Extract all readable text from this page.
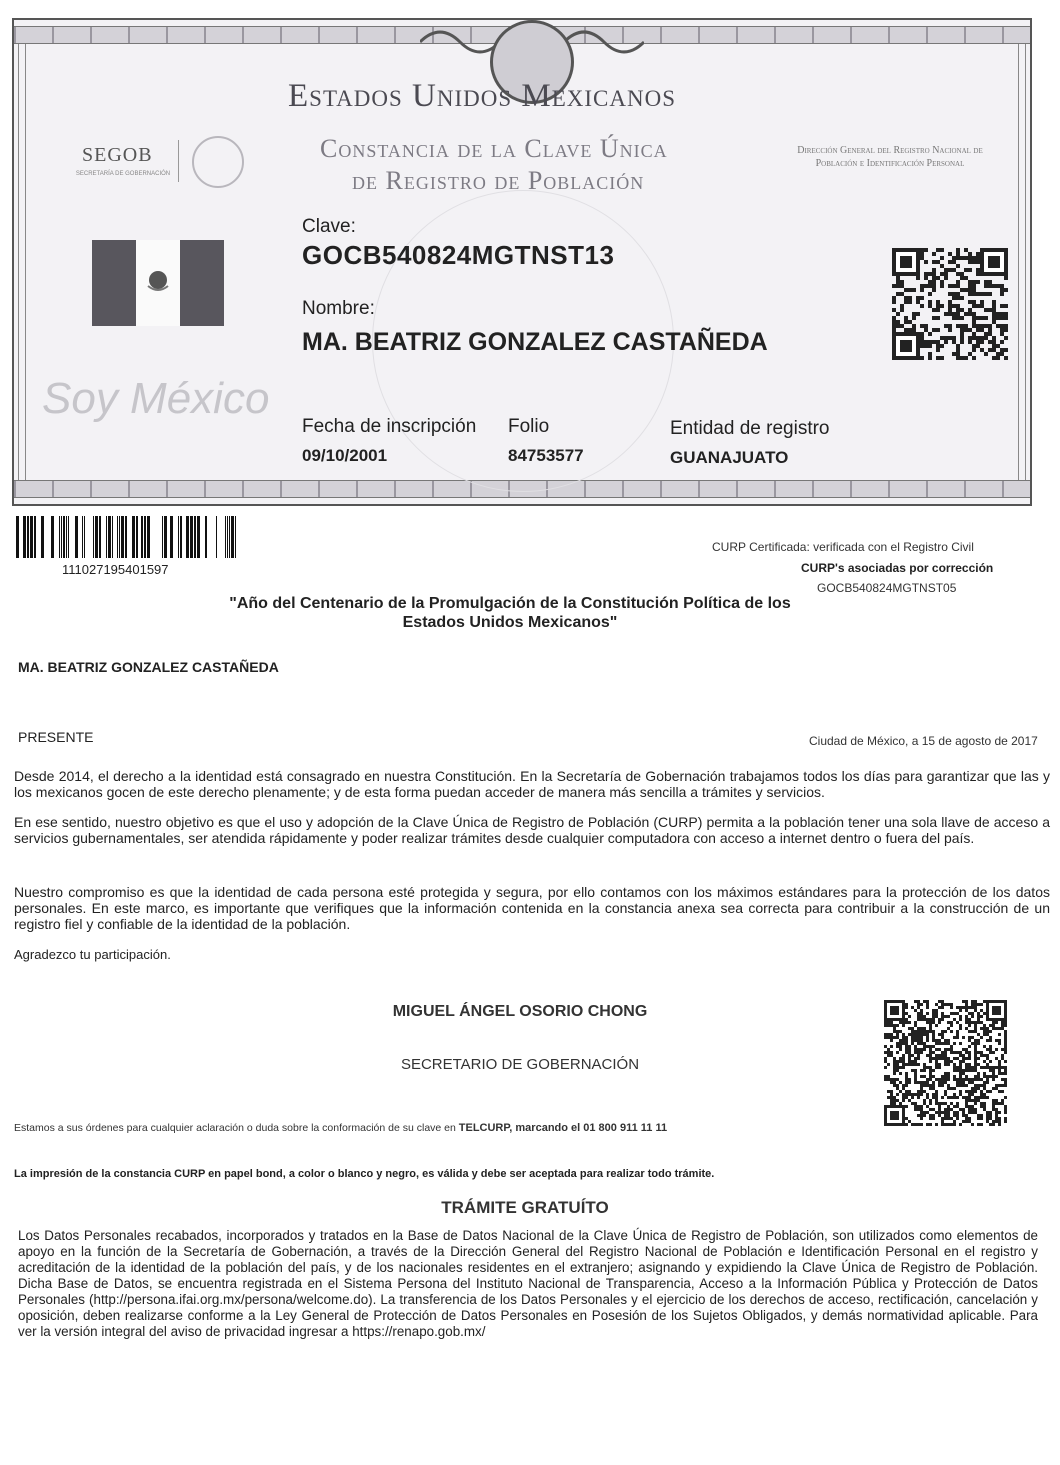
Estados Unidos Mexicanos
Constancia de la Clave Única
de Registro de Población
Dirección General del Registro Nacional de Población e Identificación Personal
SEGOB
SECRETARÍA DE GOBERNACIÓN
Soy México
Clave:
GOCB540824MGTNST13
Nombre:
MA. BEATRIZ GONZALEZ CASTAÑEDA
Fecha de inscripción
09/10/2001
Folio
84753577
Entidad de registro
GUANAJUATO
111027195401597
CURP Certificada: verificada con el Registro Civil
CURP's asociadas por corrección
GOCB540824MGTNST05
"Año del Centenario de la Promulgación de la Constitución Política de los Estados Unidos Mexicanos"
MA. BEATRIZ GONZALEZ CASTAÑEDA
PRESENTE	Ciudad de México, a 15 de agosto de 2017
Desde 2014, el derecho a la identidad está consagrado en nuestra Constitución. En la Secretaría de Gobernación trabajamos todos los días para garantizar que las y los mexicanos gocen de este derecho plenamente; y de esta forma puedan acceder de manera más sencilla a trámites y servicios.
En ese sentido, nuestro objetivo es que el uso y adopción de la Clave Única de Registro de Población (CURP) permita a la población tener una sola llave de acceso a servicios gubernamentales, ser atendida rápidamente y poder realizar trámites desde cualquier computadora con acceso a internet dentro o fuera del país.
Nuestro compromiso es que la identidad de cada persona esté protegida y segura, por ello contamos con los máximos estándares para la protección de los datos personales. En este marco, es importante que verifiques que la información contenida en la constancia anexa sea correcta para contribuir a la construcción de un registro fiel y confiable de la identidad de la población.
Agradezco tu participación.
MIGUEL ÁNGEL OSORIO CHONG
SECRETARIO DE GOBERNACIÓN
Estamos a sus órdenes para cualquier aclaración o duda sobre la conformación de su clave en TELCURP, marcando el 01 800 911 11 11
La impresión de la constancia CURP en papel bond, a color o blanco y negro, es válida y debe ser aceptada para realizar todo trámite.
TRÁMITE GRATUÍTO
Los Datos Personales recabados, incorporados y tratados en la Base de Datos Nacional de la Clave Única de Registro de Población, son utilizados como elementos de apoyo en la función de la Secretaría de Gobernación, a través de la Dirección General del Registro Nacional de Población e Identificación Personal en el registro y acreditación de la identidad de la población del país, y de los nacionales residentes en el extranjero; asignando y expidiendo la Clave Única de Registro de Población. Dicha Base de Datos, se encuentra registrada en el Sistema Persona del Instituto Nacional de Transparencia, Acceso a la Información Pública y Protección de Datos Personales (http://persona.ifai.org.mx/persona/welcome.do). La transferencia de los Datos Personales y el ejercicio de los derechos de acceso, rectificación, cancelación y oposición, deben realizarse conforme a la Ley General de Protección de Datos Personales en Posesión de los Sujetos Obligados, y demás normatividad aplicable. Para ver la versión integral del aviso de privacidad ingresar a https://renapo.gob.mx/
